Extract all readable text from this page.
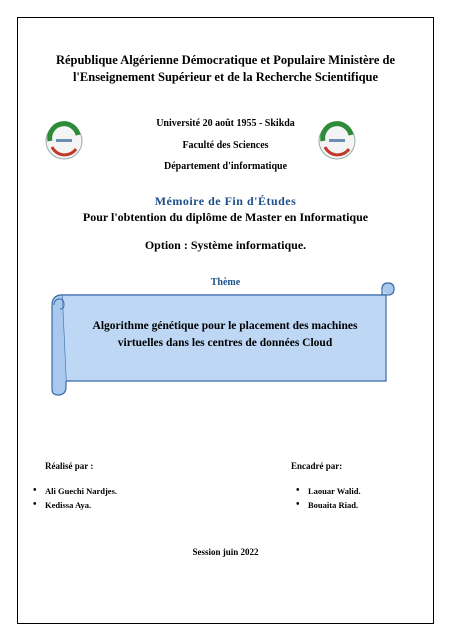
République Algérienne Démocratique et Populaire Ministère de l'Enseignement Supérieur et de la Recherche Scientifique
Université 20 août 1955 - Skikda
Faculté des Sciences
Département d'informatique
Mémoire de Fin d'Études
Pour l'obtention du diplôme de Master en Informatique
Option : Système informatique.
Thème
Algorithme génétique pour le placement des machines virtuelles dans les centres de données Cloud
Réalisé par :
• Ali Guechi Nardjes.
• Kedissa Aya.
Encadré par:
• Laouar Walid.
• Bouaita Riad.
Session juin 2022
